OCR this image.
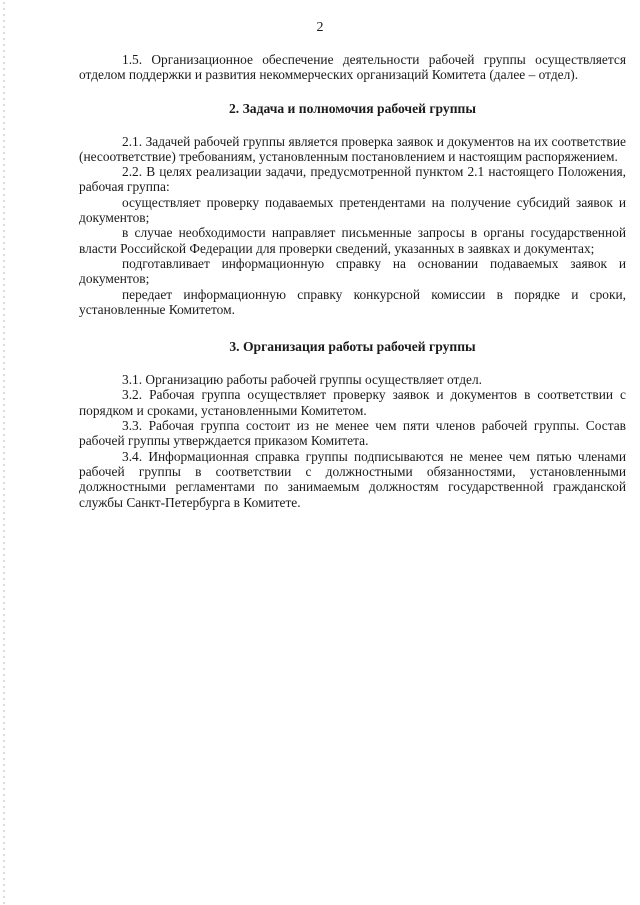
2

1.5. Организационное обеспечение деятельности рабочей группы осуществляется отделом поддержки и развития некоммерческих организаций Комитета (далее – отдел).

2. Задача и полномочия рабочей группы

2.1. Задачей рабочей группы является проверка заявок и документов на их соответствие (несоответствие) требованиям, установленным постановлением и настоящим распоряжением.

2.2. В целях реализации задачи, предусмотренной пунктом 2.1 настоящего Положения, рабочая группа:

осуществляет проверку подаваемых претендентами на получение субсидий заявок и документов;

в случае необходимости направляет письменные запросы в органы государственной власти Российской Федерации для проверки сведений, указанных в заявках и документах;

подготавливает информационную справку на основании подаваемых заявок и документов;

передает информационную справку конкурсной комиссии в порядке и сроки, установленные Комитетом.

3. Организация работы рабочей группы

3.1. Организацию работы рабочей группы осуществляет отдел.

3.2. Рабочая группа осуществляет проверку заявок и документов в соответствии с порядком и сроками, установленными Комитетом.

3.3. Рабочая группа состоит из не менее чем пяти членов рабочей группы. Состав рабочей группы утверждается приказом Комитета.

3.4. Информационная справка группы подписываются не менее чем пятью членами рабочей группы в соответствии с должностными обязанностями, установленными должностными регламентами по занимаемым должностям государственной гражданской службы Санкт-Петербурга в Комитете.
